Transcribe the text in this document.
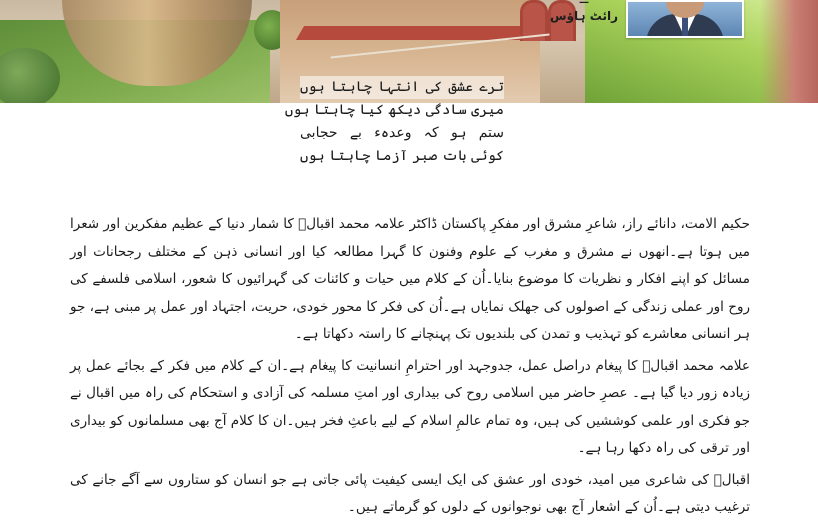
—
رائٹ ہاؤس
ترے عشق کی انتہا چاہتا ہوں
میری سادگی دیکھ کیا چاہتا ہوں
ستم ہو کہ وعدہء بے حجابی
کوئی بات صبر آزما چاہتا ہوں

حکیم الامت، دانائے راز، شاعرِ مشرق اور مفکرِ پاکستان ڈاکٹر علامہ محمد اقبالؒ کا شمار دنیا کے عظیم مفکرین اور شعرا میں ہوتا ہے۔انھوں نے مشرق و مغرب کے علوم وفنون کا گہرا مطالعہ کیا اور انسانی ذہن کے مختلف رجحانات اور مسائل کو اپنے افکار و نظریات کا موضوع بنایا۔اُن کے کلام میں حیات و کائنات کی گہرائیوں کا شعور، اسلامی فلسفے کی روح اور عملی زندگی کے اصولوں کی جھلک نمایاں ہے۔اُن کی فکر کا محور خودی، حریت، اجتہاد اور عمل پر مبنی ہے، جو ہر انسانی معاشرے کو تہذیب و تمدن کی بلندیوں تک پہنچانے کا راستہ دکھاتا ہے۔

علامہ محمد اقبالؒ کا پیغام دراصل عمل، جدوجہد اور احترامِ انسانیت کا پیغام ہے۔ان کے کلام میں فکر کے بجائے عمل پر زیادہ زور دیا گیا ہے۔ عصرِ حاضر میں اسلامی روح کی بیداری اور امتِ مسلمہ کی آزادی و استحکام کی راہ میں اقبال نے جو فکری اور علمی کوششیں کی ہیں، وہ تمام عالمِ اسلام کے لیے باعثِ فخر ہیں۔ان کا کلام آج بھی مسلمانوں کو بیداری اور ترقی کی راہ دکھا رہا ہے۔

اقبالؒ کی شاعری میں امید، خودی اور عشق کی ایک ایسی کیفیت پائی جاتی ہے جو انسان کو ستاروں سے آگے جانے کی ترغیب دیتی ہے۔اُن کے اشعار آج بھی نوجوانوں کے دلوں کو گرماتے ہیں۔
